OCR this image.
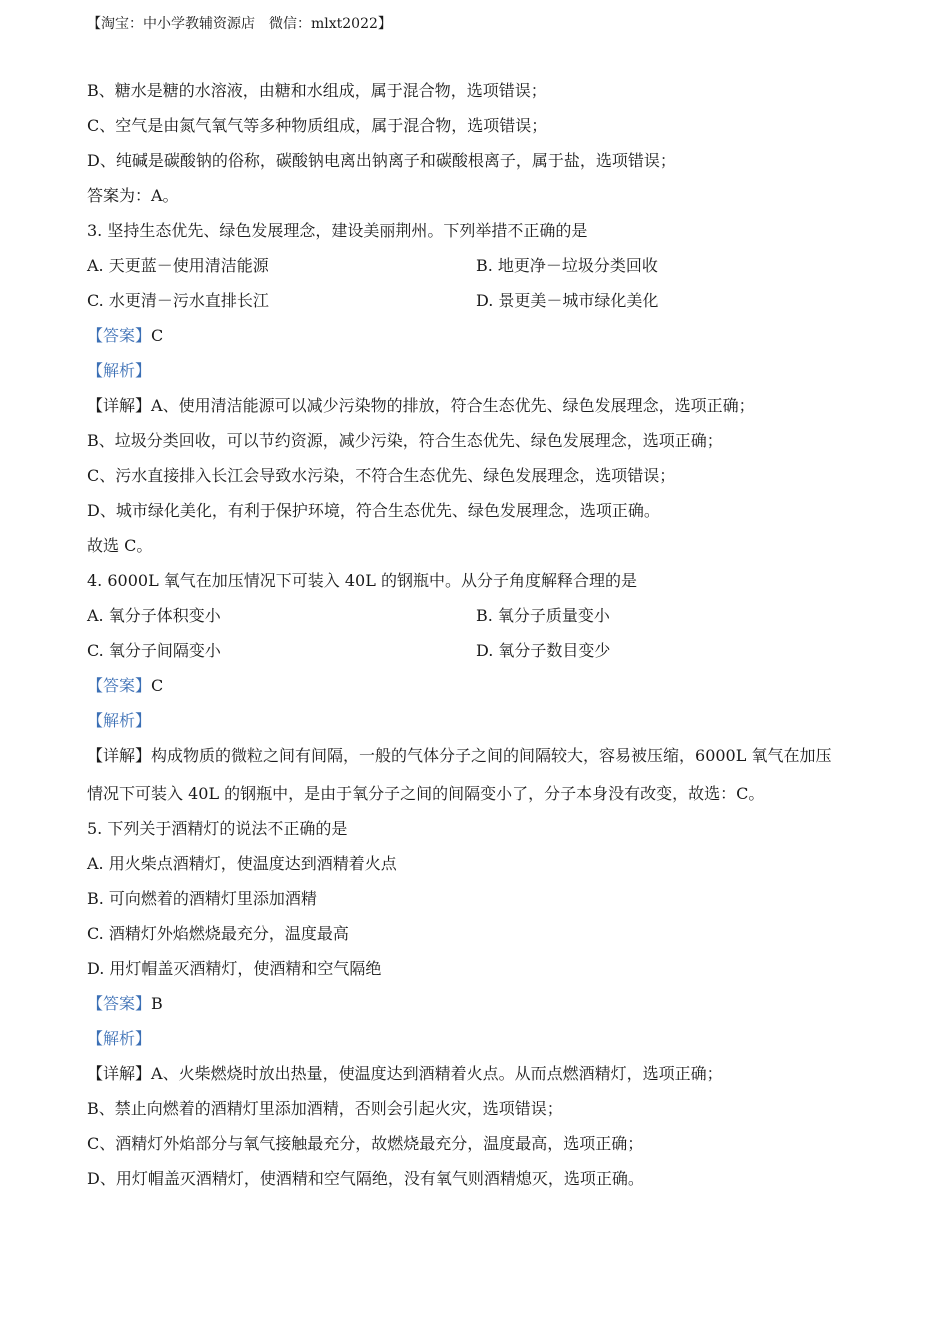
【淘宝：中小学教辅资源店　微信：mlxt2022】
B、糖水是糖的水溶液，由糖和水组成，属于混合物，选项错误；
C、空气是由氮气氧气等多种物质组成，属于混合物，选项错误；
D、纯碱是碳酸钠的俗称，碳酸钠电离出钠离子和碳酸根离子，属于盐，选项错误；
答案为：A。
3. 坚持生态优先、绿色发展理念，建设美丽荆州。下列举措不正确的是
A. 天更蓝－使用清洁能源	B. 地更净－垃圾分类回收
C. 水更清－污水直排长江	D. 景更美－城市绿化美化
【答案】C
【解析】
【详解】A、使用清洁能源可以减少污染物的排放，符合生态优先、绿色发展理念，选项正确；
B、垃圾分类回收，可以节约资源，减少污染，符合生态优先、绿色发展理念，选项正确；
C、污水直接排入长江会导致水污染，不符合生态优先、绿色发展理念，选项错误；
D、城市绿化美化，有利于保护环境，符合生态优先、绿色发展理念，选项正确。
故选 C。
4. 6000L 氧气在加压情况下可装入 40L 的钢瓶中。从分子角度解释合理的是
A. 氧分子体积变小	B. 氧分子质量变小
C. 氧分子间隔变小	D. 氧分子数目变少
【答案】C
【解析】
【详解】构成物质的微粒之间有间隔，一般的气体分子之间的间隔较大，容易被压缩，6000L 氧气在加压
情况下可装入 40L 的钢瓶中，是由于氧分子之间的间隔变小了，分子本身没有改变，故选：C。
5. 下列关于酒精灯的说法不正确的是
A. 用火柴点酒精灯，使温度达到酒精着火点
B. 可向燃着的酒精灯里添加酒精
C. 酒精灯外焰燃烧最充分，温度最高
D. 用灯帽盖灭酒精灯，使酒精和空气隔绝
【答案】B
【解析】
【详解】A、火柴燃烧时放出热量，使温度达到酒精着火点。从而点燃酒精灯，选项正确；
B、禁止向燃着的酒精灯里添加酒精，否则会引起火灾，选项错误；
C、酒精灯外焰部分与氧气接触最充分，故燃烧最充分，温度最高，选项正确；
D、用灯帽盖灭酒精灯，使酒精和空气隔绝，没有氧气则酒精熄灭，选项正确。
